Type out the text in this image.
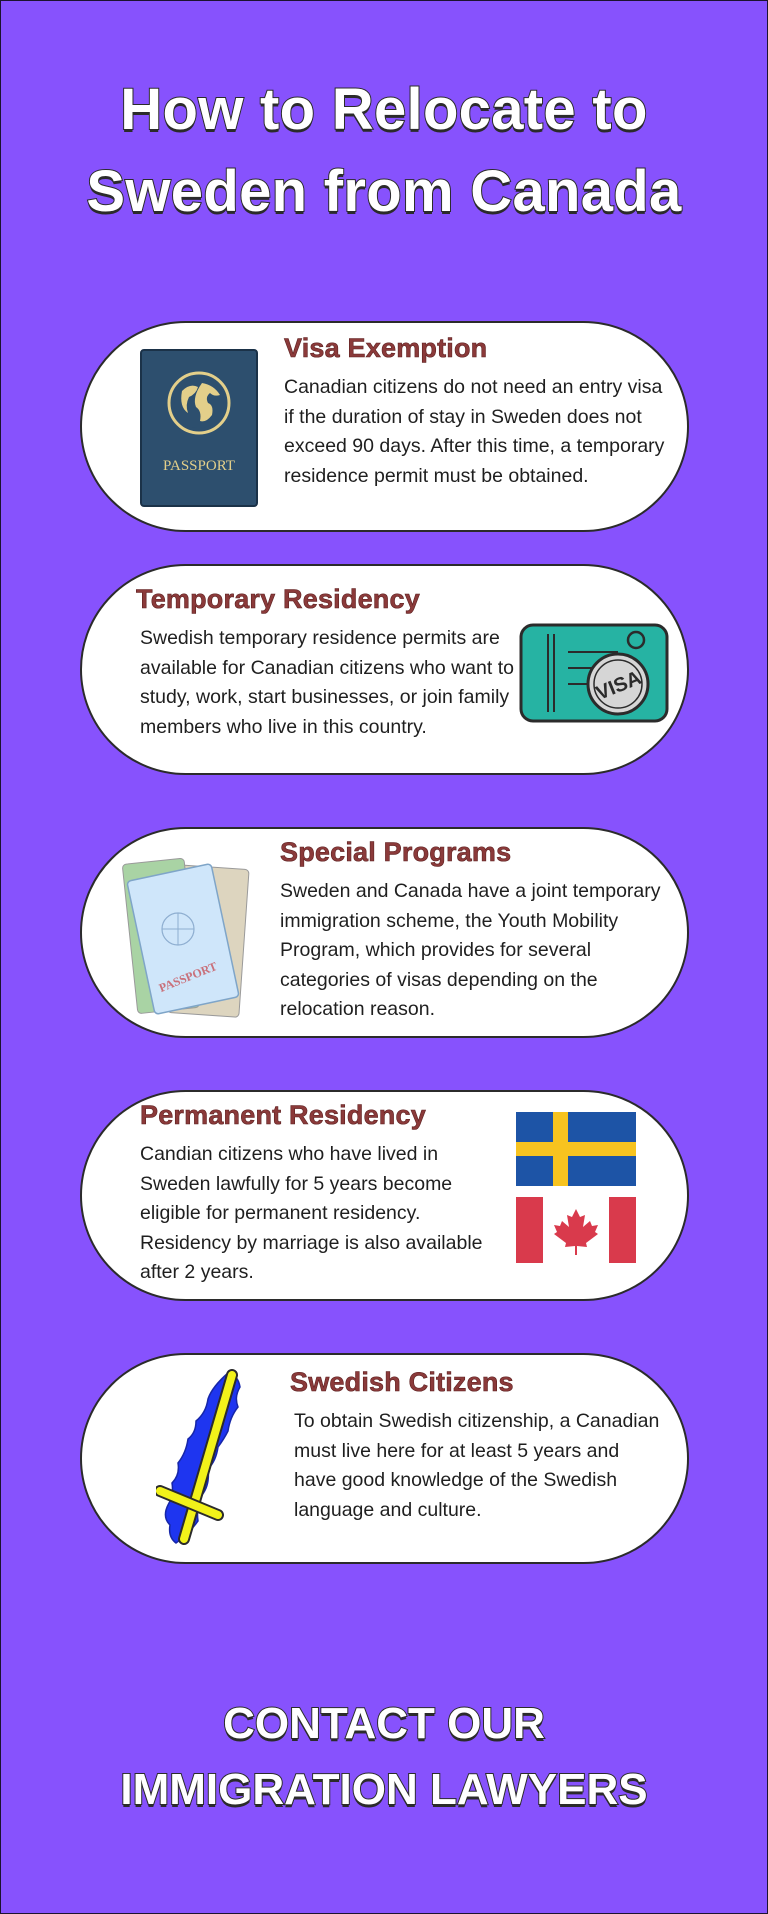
How to Relocate to
Sweden from Canada
PASSPORT
Visa Exemption

Canadian citizens do not need an entry visa if the duration of stay in Sweden does not exceed 90 days. After this time, a temporary residence permit must be obtained.

Temporary Residency

Swedish temporary residence permits are available for Canadian citizens who want to study, work, start businesses, or join family members who live in this country.

VISA
PASSPORT
Special Programs

Sweden and Canada have a joint temporary immigration scheme, the Youth Mobility Program, which provides for several categories of visas depending on the relocation reason.

Permanent Residency

Candian citizens who have lived in Sweden lawfully for 5 years become eligible for permanent residency. Residency by marriage is also available after 2 years.

Swedish Citizens

To obtain Swedish citizenship, a Canadian must live here for at least 5 years and have good knowledge of the Swedish language and culture.

CONTACT OUR
IMMIGRATION LAWYERS
